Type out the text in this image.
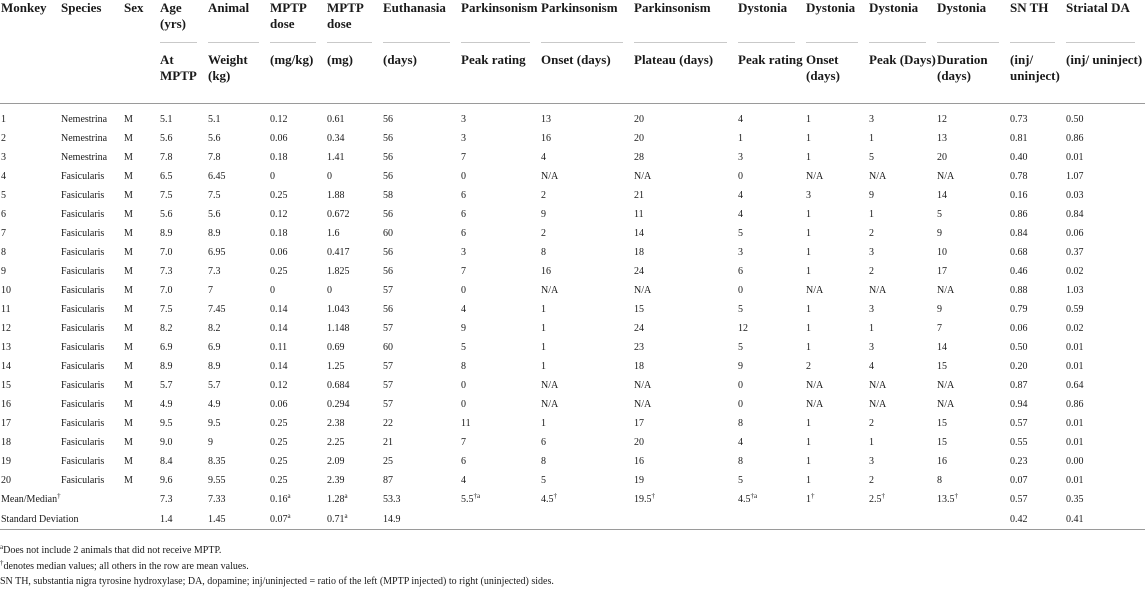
Monkey	Species	Sex	Age (yrs)	Animal	MPTP dose	MPTP dose	Euthanasia	Parkinsonism	Parkinsonism	Parkinsonism	Dystonia	Dystonia	Dystonia	Dystonia	SN TH	Striatal DA

			At MPTP	Weight (kg)	(mg/kg)	(mg)	(days)	Peak rating	Onset (days)	Plateau (days)	Peak rating	Onset (days)	Peak (Days)	Duration (days)	(inj/ uninject)	(inj/ uninject)
1	Nemestrina	M	5.1	5.1	0.12	0.61	56	3	13	20	4	1	3	12	0.73	0.50
2	Nemestrina	M	5.6	5.6	0.06	0.34	56	3	16	20	1	1	1	13	0.81	0.86
3	Nemestrina	M	7.8	7.8	0.18	1.41	56	7	4	28	3	1	5	20	0.40	0.01
4	Fasicularis	M	6.5	6.45	0	0	56	0	N/A	N/A	0	N/A	N/A	N/A	0.78	1.07
5	Fasicularis	M	7.5	7.5	0.25	1.88	58	6	2	21	4	3	9	14	0.16	0.03
6	Fasicularis	M	5.6	5.6	0.12	0.672	56	6	9	11	4	1	1	5	0.86	0.84
7	Fasicularis	M	8.9	8.9	0.18	1.6	60	6	2	14	5	1	2	9	0.84	0.06
8	Fasicularis	M	7.0	6.95	0.06	0.417	56	3	8	18	3	1	3	10	0.68	0.37
9	Fasicularis	M	7.3	7.3	0.25	1.825	56	7	16	24	6	1	2	17	0.46	0.02
10	Fasicularis	M	7.0	7	0	0	57	0	N/A	N/A	0	N/A	N/A	N/A	0.88	1.03
11	Fasicularis	M	7.5	7.45	0.14	1.043	56	4	1	15	5	1	3	9	0.79	0.59
12	Fasicularis	M	8.2	8.2	0.14	1.148	57	9	1	24	12	1	1	7	0.06	0.02
13	Fasicularis	M	6.9	6.9	0.11	0.69	60	5	1	23	5	1	3	14	0.50	0.01
14	Fasicularis	M	8.9	8.9	0.14	1.25	57	8	1	18	9	2	4	15	0.20	0.01
15	Fasicularis	M	5.7	5.7	0.12	0.684	57	0	N/A	N/A	0	N/A	N/A	N/A	0.87	0.64
16	Fasicularis	M	4.9	4.9	0.06	0.294	57	0	N/A	N/A	0	N/A	N/A	N/A	0.94	0.86
17	Fasicularis	M	9.5	9.5	0.25	2.38	22	11	1	17	8	1	2	15	0.57	0.01
18	Fasicularis	M	9.0	9	0.25	2.25	21	7	6	20	4	1	1	15	0.55	0.01
19	Fasicularis	M	8.4	8.35	0.25	2.09	25	6	8	16	8	1	3	16	0.23	0.00
20	Fasicularis	M	9.6	9.55	0.25	2.39	87	4	5	19	5	1	2	8	0.07	0.01
Mean/Median†			7.3	7.33	0.16$^a$	1.28$^a$	53.3	5.5$^{\dagger a}$	4.5†	19.5†	4.5$^{\dagger a}$	1†	2.5†	13.5†	0.57	0.35
Standard Deviation			1.4	1.45	0.07$^a$	0.71$^a$	14.9								0.42	0.41
$^a$Does not include 2 animals that did not receive MPTP.
†denotes median values; all others in the row are mean values.
SN TH, substantia nigra tyrosine hydroxylase; DA, dopamine; inj/uninjected = ratio of the left (MPTP injected) to right (uninjected) sides.
